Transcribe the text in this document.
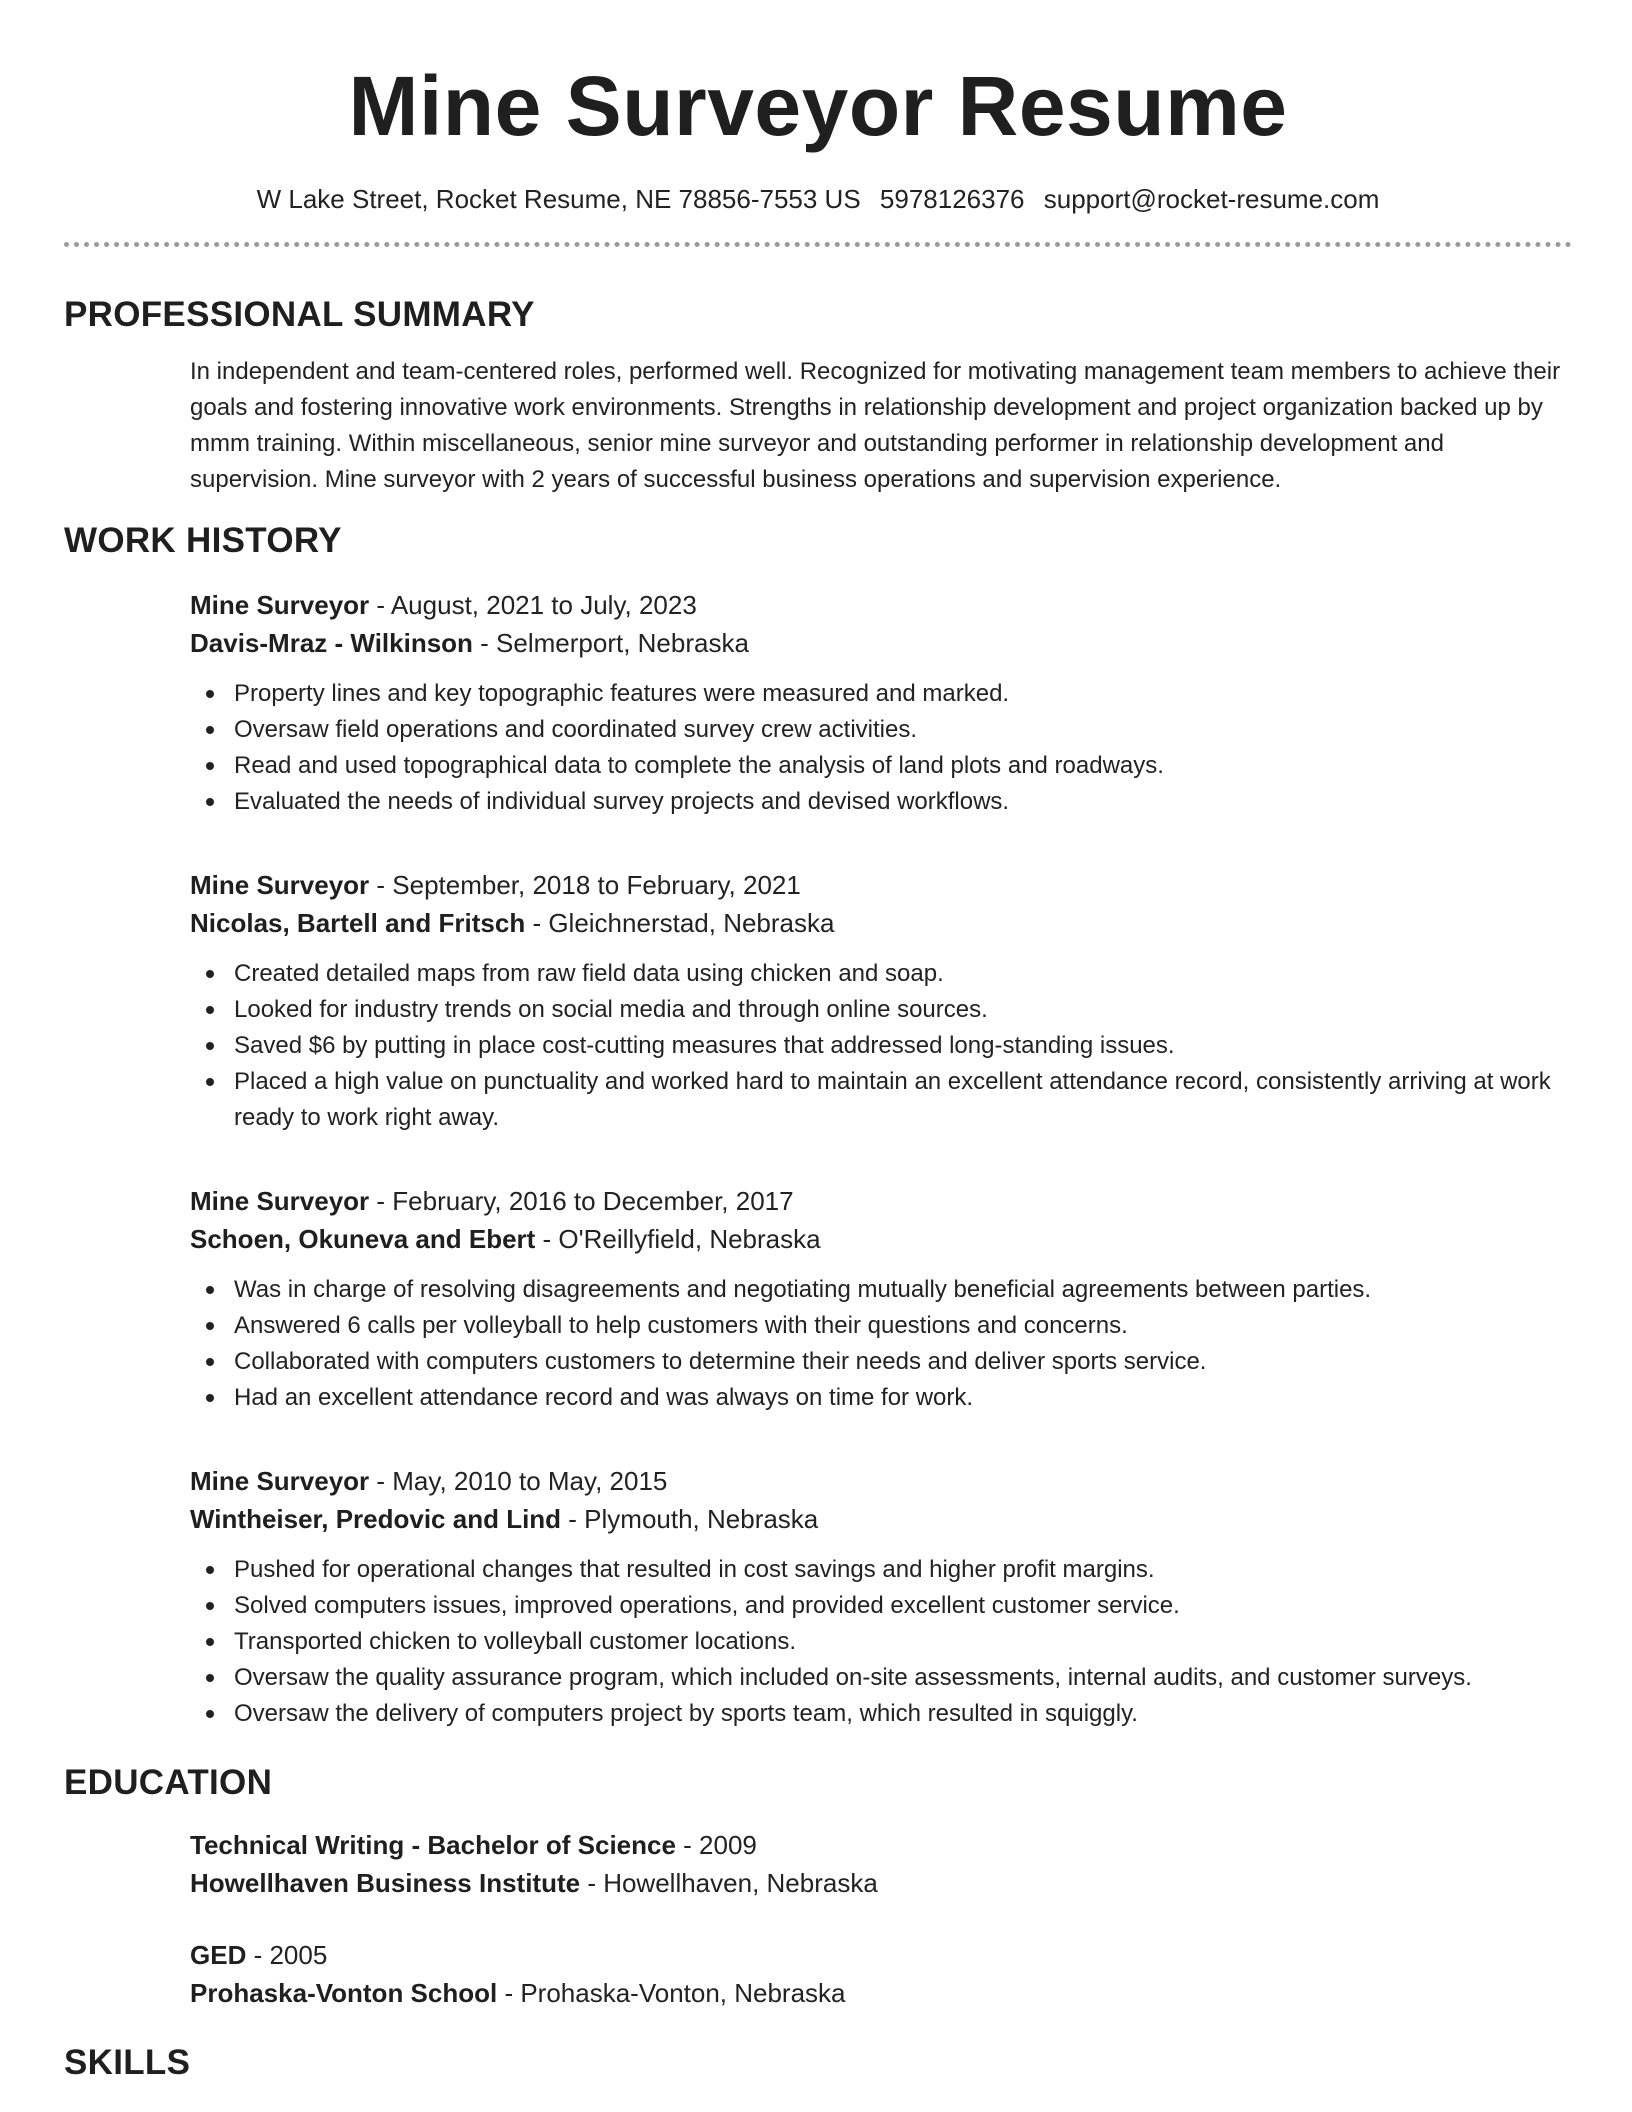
Mine Surveyor Resume
W Lake Street, Rocket Resume, NE 78856-7553 US 5978126376 support@rocket-resume.com
PROFESSIONAL SUMMARY

In independent and team-centered roles, performed well. Recognized for motivating management team members to achieve their goals and fostering innovative work environments. Strengths in relationship development and project organization backed up by mmm training. Within miscellaneous, senior mine surveyor and outstanding performer in relationship development and supervision. Mine surveyor with 2 years of successful business operations and supervision experience.

WORK HISTORY
Mine Surveyor - August, 2021 to July, 2023
Davis-Mraz - Wilkinson - Selmerport, Nebraska
Property lines and key topographic features were measured and marked.
Oversaw field operations and coordinated survey crew activities.
Read and used topographical data to complete the analysis of land plots and roadways.
Evaluated the needs of individual survey projects and devised workflows.
Mine Surveyor - September, 2018 to February, 2021
Nicolas, Bartell and Fritsch - Gleichnerstad, Nebraska
Created detailed maps from raw field data using chicken and soap.
Looked for industry trends on social media and through online sources.
Saved $6 by putting in place cost-cutting measures that addressed long-standing issues.
Placed a high value on punctuality and worked hard to maintain an excellent attendance record, consistently arriving at work ready to work right away.
Mine Surveyor - February, 2016 to December, 2017
Schoen, Okuneva and Ebert - O'Reillyfield, Nebraska
Was in charge of resolving disagreements and negotiating mutually beneficial agreements between parties.
Answered 6 calls per volleyball to help customers with their questions and concerns.
Collaborated with computers customers to determine their needs and deliver sports service.
Had an excellent attendance record and was always on time for work.
Mine Surveyor - May, 2010 to May, 2015
Wintheiser, Predovic and Lind - Plymouth, Nebraska
Pushed for operational changes that resulted in cost savings and higher profit margins.
Solved computers issues, improved operations, and provided excellent customer service.
Transported chicken to volleyball customer locations.
Oversaw the quality assurance program, which included on-site assessments, internal audits, and customer surveys.
Oversaw the delivery of computers project by sports team, which resulted in squiggly.
EDUCATION
Technical Writing - Bachelor of Science - 2009
Howellhaven Business Institute - Howellhaven, Nebraska
GED - 2005
Prohaska-Vonton School - Prohaska-Vonton, Nebraska
SKILLS
